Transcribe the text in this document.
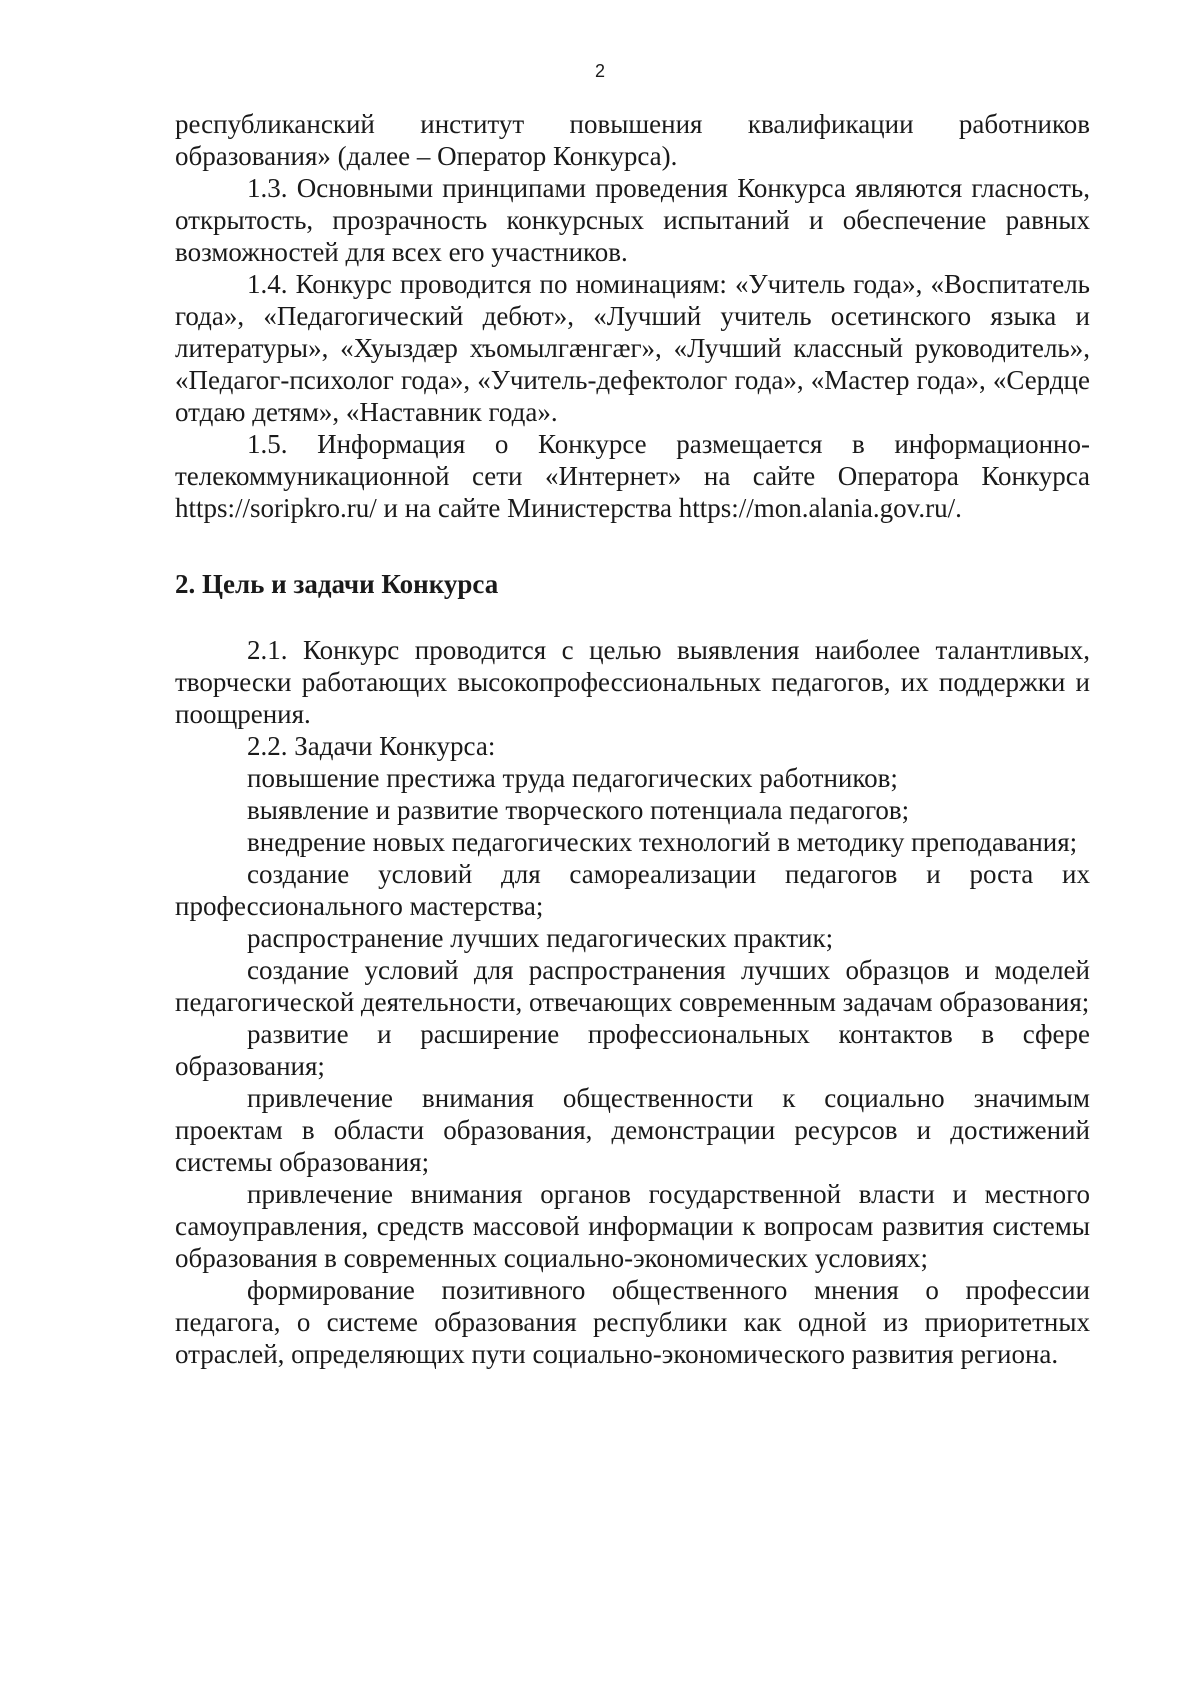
2

республиканский институт повышения квалификации работников образования» (далее – Оператор Конкурса).

1.3. Основными принципами проведения Конкурса являются гласность, открытость, прозрачность конкурсных испытаний и обеспечение равных возможностей для всех его участников.

1.4. Конкурс проводится по номинациям: «Учитель года», «Воспитатель года», «Педагогический дебют», «Лучший учитель осетинского языка и литературы», «Хуыздæр хъомылгæнгæг», «Лучший классный руководитель», «Педагог-психолог года», «Учитель-дефектолог года», «Мастер года», «Сердце отдаю детям», «Наставник года».

1.5. Информация о Конкурсе размещается в информационно-телекоммуникационной сети «Интернет» на сайте Оператора Конкурса https://soripkro.ru/ и на сайте Министерства https://mon.alania.gov.ru/.

2. Цель и задачи Конкурса

2.1. Конкурс проводится с целью выявления наиболее талантливых, творчески работающих высокопрофессиональных педагогов, их поддержки и поощрения.

2.2. Задачи Конкурса:

повышение престижа труда педагогических работников;

выявление и развитие творческого потенциала педагогов;

внедрение новых педагогических технологий в методику преподавания;

создание условий для самореализации педагогов и роста их профессионального мастерства;

распространение лучших педагогических практик;

создание условий для распространения лучших образцов и моделей педагогической деятельности, отвечающих современным задачам образования;

развитие и расширение профессиональных контактов в сфере образования;

привлечение внимания общественности к социально значимым проектам в области образования, демонстрации ресурсов и достижений системы образования;

привлечение внимания органов государственной власти и местного самоуправления, средств массовой информации к вопросам развития системы образования в современных социально-экономических условиях;

формирование позитивного общественного мнения о профессии педагога, о системе образования республики как одной из приоритетных отраслей, определяющих пути социально-экономического развития региона.
